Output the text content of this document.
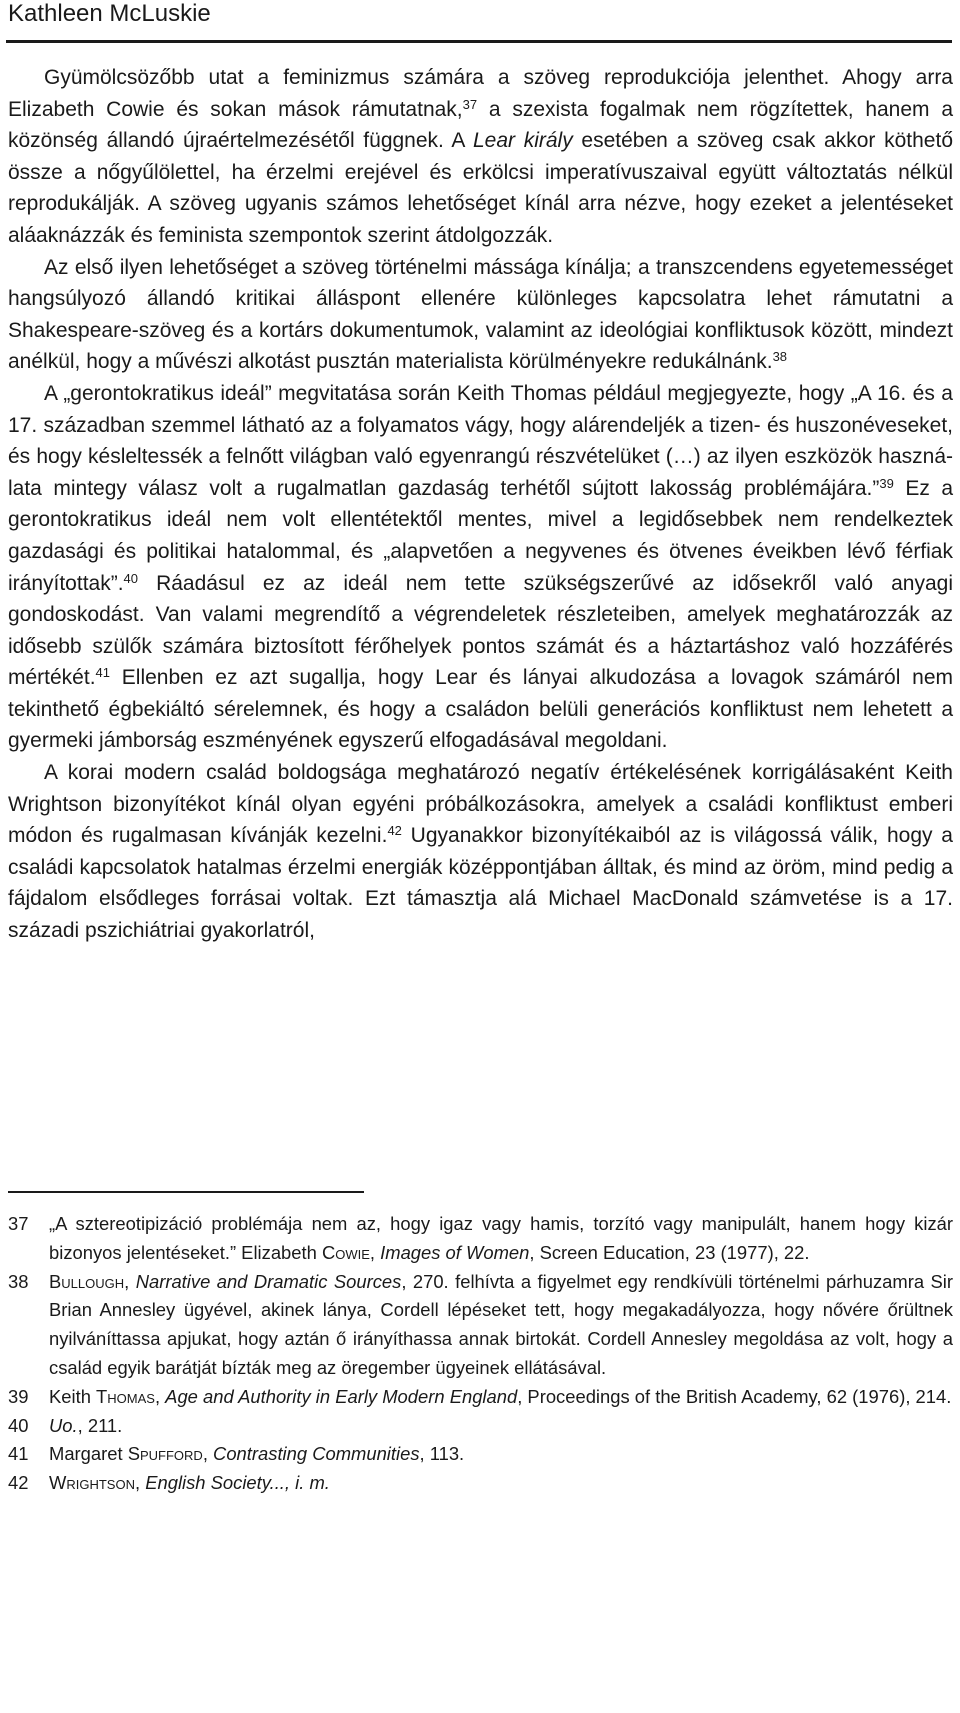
Kathleen McLuskie

Gyümölcsözőbb utat a feminizmus számára a szöveg reprodukciója jelenthet. Ahogy arra Elizabeth Cowie és sokan mások rámutatnak,$^{37}$ a szexista fogalmak nem rögzítettek, hanem a közönség állandó újraértelmezésétől függnek. A Lear király esetében a szöveg csak akkor köthető össze a nőgyűlölettel, ha érzelmi erejével és erkölcsi imperatívuszaival együtt változtatás nélkül reprodukálják. A szöveg ugyanis számos lehetőséget kínál arra nézve, hogy ezeket a jelentéseket aláaknázzák és feminista szempontok szerint átdolgozzák.

Az első ilyen lehetőséget a szöveg történelmi mássága kínálja; a transzcendens egyetemességet hangsúlyozó állandó kritikai álláspont ellenére különleges kapcsolatra lehet rámutatni a Shakespeare-szöveg és a kortárs dokumentumok, valamint az ideológiai konfliktusok között, mindezt anélkül, hogy a művészi alkotást pusztán materialista körülményekre redukálnánk.$^{38}$

A „gerontokratikus ideál” megvitatása során Keith Thomas például megjegyezte, hogy „A 16. és a 17. században szemmel látható az a folyamatos vágy, hogy alárendeljék a tizen- és huszonéveseket, és hogy késleltessék a felnőtt világban való egyenrangú részvételüket (…) az ilyen eszközök használata mintegy válasz volt a rugalmatlan gazdaság terhétől sújtott lakosság problémájára.”$^{39}$ Ez a gerontokratikus ideál nem volt ellentétektől mentes, mivel a legidősebbek nem rendelkeztek gazdasági és politikai hatalommal, és „alapvetően a negyvenes és ötvenes éveikben lévő férfiak irányítottak”.$^{40}$ Ráadásul ez az ideál nem tette szükségszerűvé az idősekről való anyagi gondoskodást. Van valami megrendítő a végrendeletek részleteiben, amelyek meghatározzák az idősebb szülők számára biztosított férőhelyek pontos számát és a háztartáshoz való hozzáférés mértékét.$^{41}$ Ellenben ez azt sugallja, hogy Lear és lányai alkudozása a lovagok számáról nem tekinthető égbekiáltó sérelemnek, és hogy a családon belüli generációs konfliktust nem lehetett a gyermeki jámborság eszményének egyszerű elfogadásával megoldani.

A korai modern család boldogsága meghatározó negatív értékelésének korrigálásaként Keith Wrightson bizonyítékot kínál olyan egyéni próbálkozásokra, amelyek a családi konfliktust emberi módon és rugalmasan kívánják kezelni.$^{42}$ Ugyanakkor bizonyítékaiból az is világossá válik, hogy a családi kapcsolatok hatalmas érzelmi energiák középpontjában álltak, és mind az öröm, mind pedig a fájdalom elsődleges forrásai voltak. Ezt támasztja alá Michael MacDonald számvetése is a 17. századi pszichiátriai gyakorlatról,

37	„A sztereotipizáció problémája nem az, hogy igaz vagy hamis, torzító vagy manipulált, hanem hogy kizár bizonyos jelentéseket.” Elizabeth Cowie, Images of Women, Screen Education, 23 (1977), 22.
38	Bullough, Narrative and Dramatic Sources, 270. felhívta a figyelmet egy rendkívüli történelmi párhuzamra Sir Brian Annesley ügyével, akinek lánya, Cordell lépéseket tett, hogy megakadályozza, hogy nővére őrültnek nyilváníttassa apjukat, hogy aztán ő irányíthassa annak birtokát. Cordell Annesley megoldása az volt, hogy a család egyik barátját bízták meg az öregember ügyeinek ellátásával.
39	Keith Thomas, Age and Authority in Early Modern England, Proceedings of the British Academy, 62 (1976), 214.
40	Uo., 211.
41	Margaret Spufford, Contrasting Communities, 113.
42	Wrightson, English Society..., i. m.
